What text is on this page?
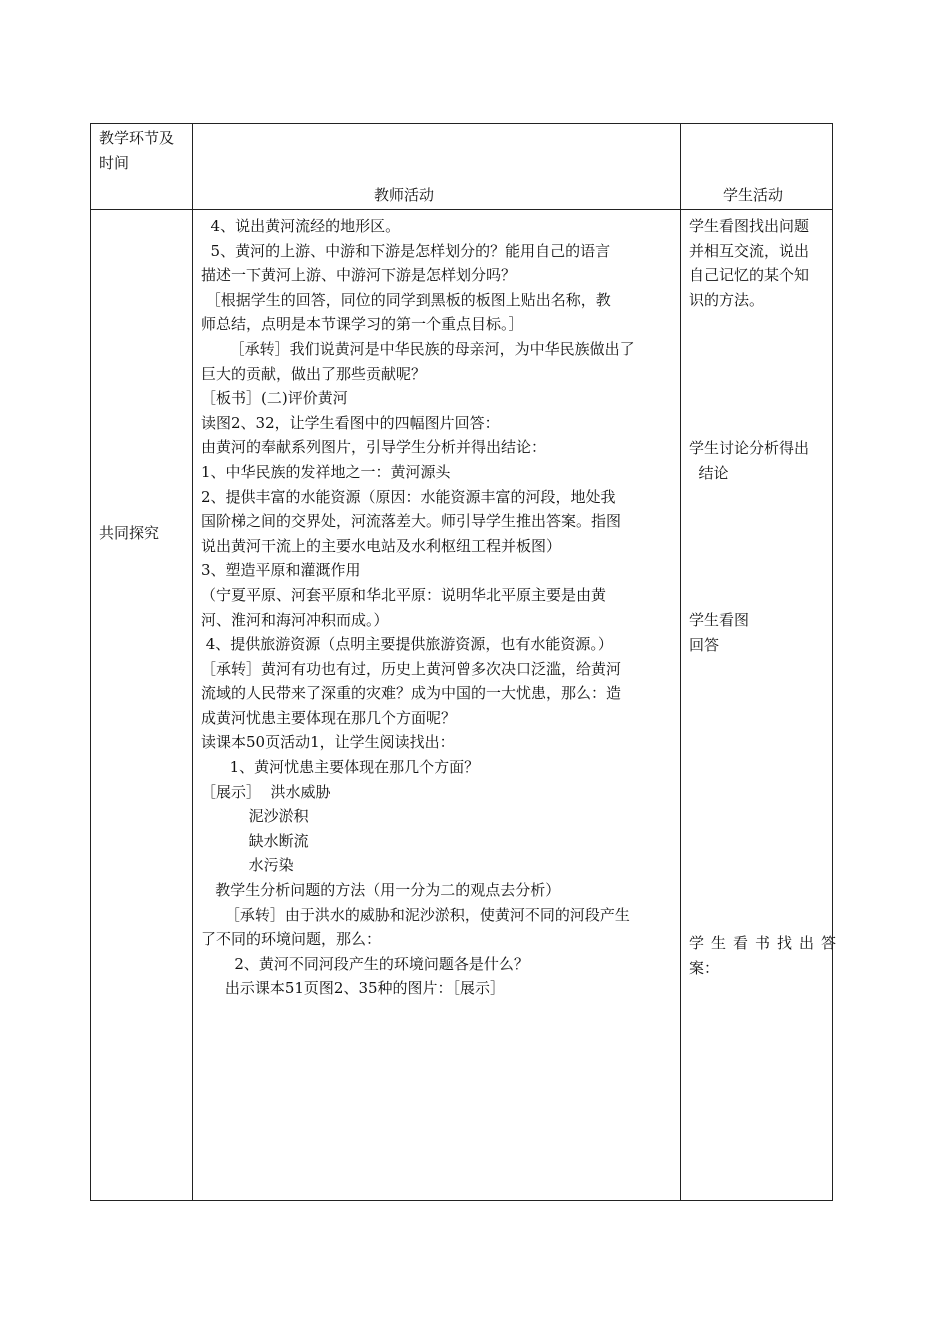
教学环节及
时间
教师活动	学生活动
共同探究
4、说出黄河流经的地形区。
5、黄河的上游、中游和下游是怎样划分的？能用自己的语言
描述一下黄河上游、中游河下游是怎样划分吗？
［根据学生的回答，同位的同学到黑板的板图上贴出名称，教
师总结，点明是本节课学习的第一个重点目标。］
［承转］我们说黄河是中华民族的母亲河，为中华民族做出了
巨大的贡献，做出了那些贡献呢？
［板书］(二)评价黄河
读图2、32，让学生看图中的四幅图片回答：
由黄河的奉献系列图片，引导学生分析并得出结论：
1、中华民族的发祥地之一：黄河源头
2、提供丰富的水能资源（原因：水能资源丰富的河段，地处我
国阶梯之间的交界处，河流落差大。师引导学生推出答案。指图
说出黄河干流上的主要水电站及水利枢纽工程并板图）
3、塑造平原和灌溉作用
（宁夏平原、河套平原和华北平原：说明华北平原主要是由黄
河、淮河和海河冲积而成。）
4、提供旅游资源（点明主要提供旅游资源，也有水能资源。）
［承转］黄河有功也有过，历史上黄河曾多次决口泛滥，给黄河
流域的人民带来了深重的灾难？成为中国的一大忧患，那么：造
成黄河忧患主要体现在那几个方面呢？
读课本50页活动1，让学生阅读找出：
1、黄河忧患主要体现在那几个方面？
［展示］  洪水威胁
泥沙淤积
缺水断流
水污染
教学生分析问题的方法（用一分为二的观点去分析）
［承转］由于洪水的威胁和泥沙淤积，使黄河不同的河段产生
了不同的环境问题，那么：
2、黄河不同河段产生的环境问题各是什么？
出示课本51页图2、35种的图片：［展示］
学生看图找出问题
并相互交流，说出
自己记忆的某个知
识的方法。
学生讨论分析得出
结论
学生看图
回答
学生看书找出答
案：
